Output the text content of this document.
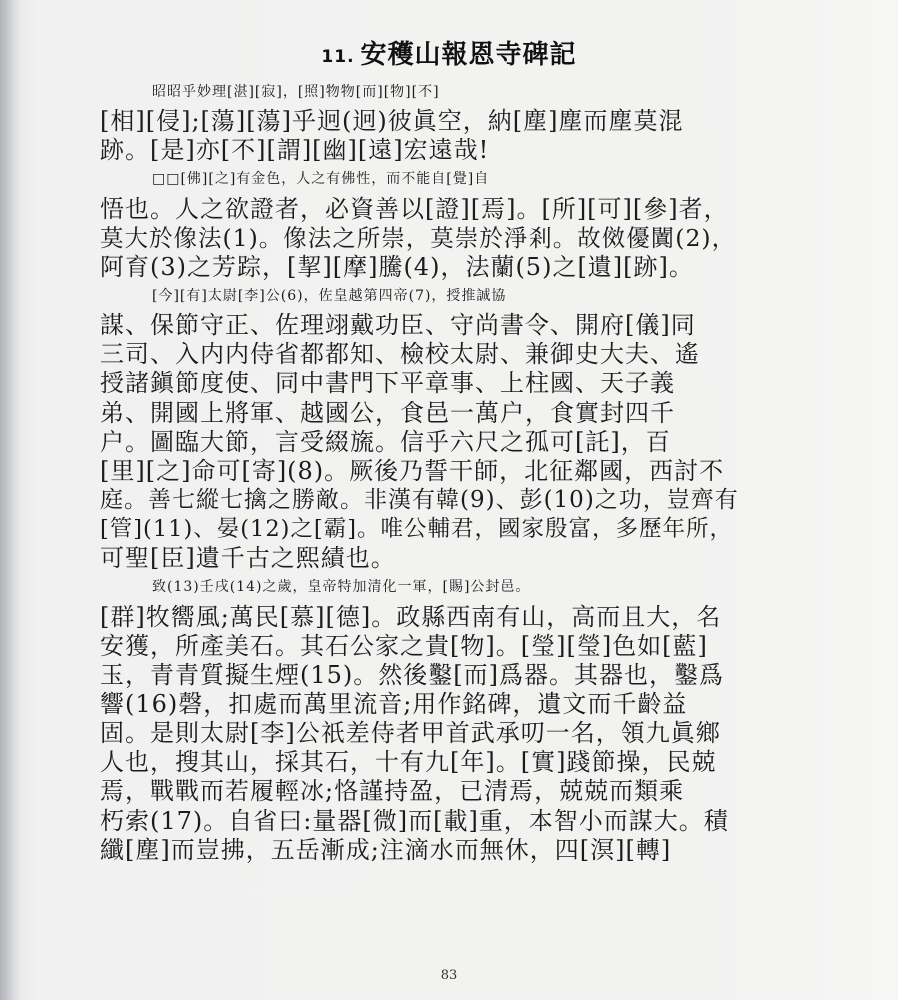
11. 安穫山報恩寺碑記
昭昭乎妙理[湛][寂]，[照]物物[而][物][不]
[相][侵];[蕩][蕩]乎迥(迥)彼眞空，納[塵]塵而塵莫混
跡。[是]亦[不][謂][幽][遠]宏遠哉!
□□[佛][之]有金色，人之有佛性，而不能自[覺]自
悟也。人之欲證者，必資善以[證][焉]。[所][可][參]者，
莫大於像法(1)。像法之所崇，莫崇於淨剎。故傚優闐(2)，
阿育(3)之芳踪，[挈][摩]騰(4)，法蘭(5)之[遺][跡]。
[今][有]太尉[李]公(6)，佐皇越第四帝(7)，授推誠協
謀、保節守正、佐理翊戴功臣、守尚書令、開府[儀]同
三司、入内内侍省都都知、檢校太尉、兼御史大夫、遙
授諸鎭節度使、同中書門下平章事、上柱國、天子義
弟、開國上將軍、越國公，食邑一萬户，食實封四千
户。圖臨大節，言受綴旒。信乎六尺之孤可[託]，百
[里][之]命可[寄](8)。厥後乃誓干師，北征鄰國，西討不
庭。善七縱七擒之勝敵。非漢有韓(9)、彭(10)之功，豈齊有
[管](11)、晏(12)之[霸]。唯公輔君，國家殷富，多歷年所，
可聖[臣]遺千古之熙績也。
致(13)壬戌(14)之歲，皇帝特加清化一軍，[賜]公封邑。
[群]牧嚮風;萬民[慕][德]。政縣西南有山，高而且大，名
安獲，所產美石。其石公家之貴[物]。[瑩][瑩]色如[藍]
玉，青青質擬生煙(15)。然後鑿[而]爲器。其器也，鑿爲
響(16)磬，扣處而萬里流音;用作銘碑，遺文而千齡益
固。是則太尉[李]公祇差侍者甲首武承叨一名，領九眞鄉
人也，搜其山，採其石，十有九[年]。[實]踐節操，民兢
焉，戰戰而若履輕冰;恪謹持盈，已清焉，兢兢而類乘
朽索(17)。自省曰:量器[微]而[載]重，本智小而謀大。積
纖[塵]而豈拂，五岳漸成;注滴水而無休，四[溟][轉]
83
